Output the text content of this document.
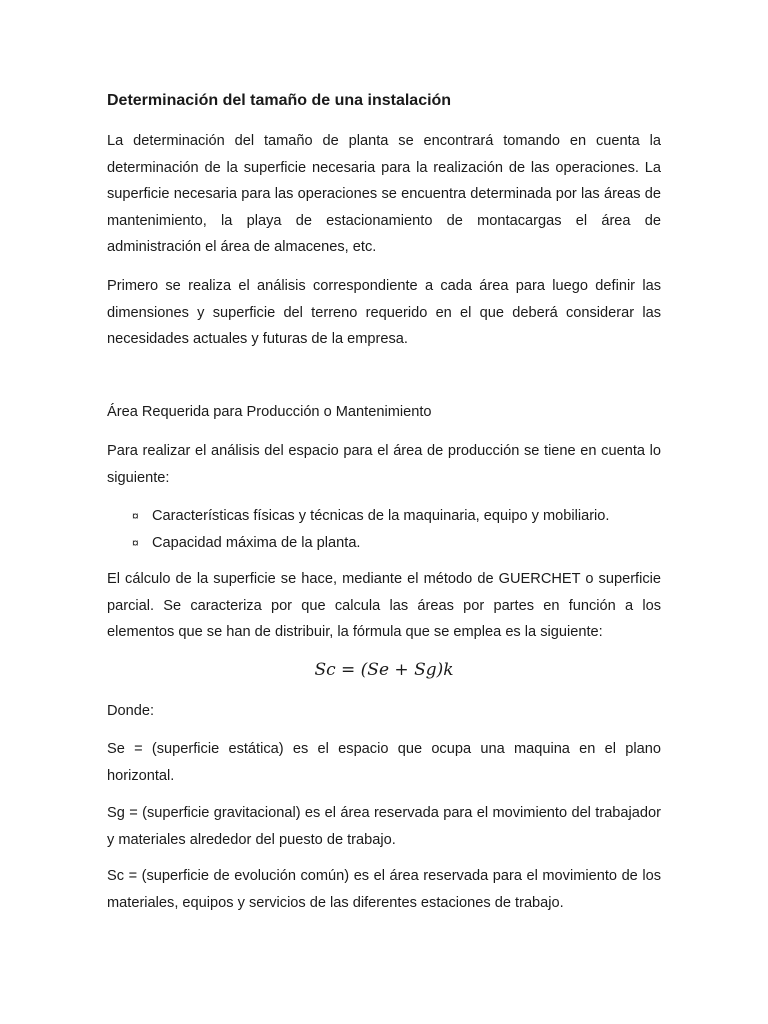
Determinación del tamaño de una instalación

La determinación del tamaño de planta se encontrará tomando en cuenta la determinación de la superficie necesaria para la realización de las operaciones. La superficie necesaria para las operaciones se encuentra determinada por las áreas de mantenimiento, la playa de estacionamiento de montacargas el área de administración el área de almacenes, etc.

Primero se realiza el análisis correspondiente a cada área para luego definir las dimensiones y superficie del terreno requerido en el que deberá considerar las necesidades actuales y futuras de la empresa.

Área Requerida para Producción o Mantenimiento

Para realizar el análisis del espacio para el área de producción se tiene en cuenta lo siguiente:

¤ Características físicas y técnicas de la maquinaria, equipo y mobiliario.
¤ Capacidad máxima de la planta.

El cálculo de la superficie se hace, mediante el método de GUERCHET o superficie parcial. Se caracteriza por que calcula las áreas por partes en función a los elementos que se han de distribuir, la fórmula que se emplea es la siguiente:

Sc = (Se + Sg)k

Donde:

Se = (superficie estática) es el espacio que ocupa una maquina en el plano horizontal.

Sg = (superficie gravitacional) es el área reservada para el movimiento del trabajador y materiales alrededor del puesto de trabajo.

Sc = (superficie de evolución común) es el área reservada para el movimiento de los materiales, equipos y servicios de las diferentes estaciones de trabajo.
